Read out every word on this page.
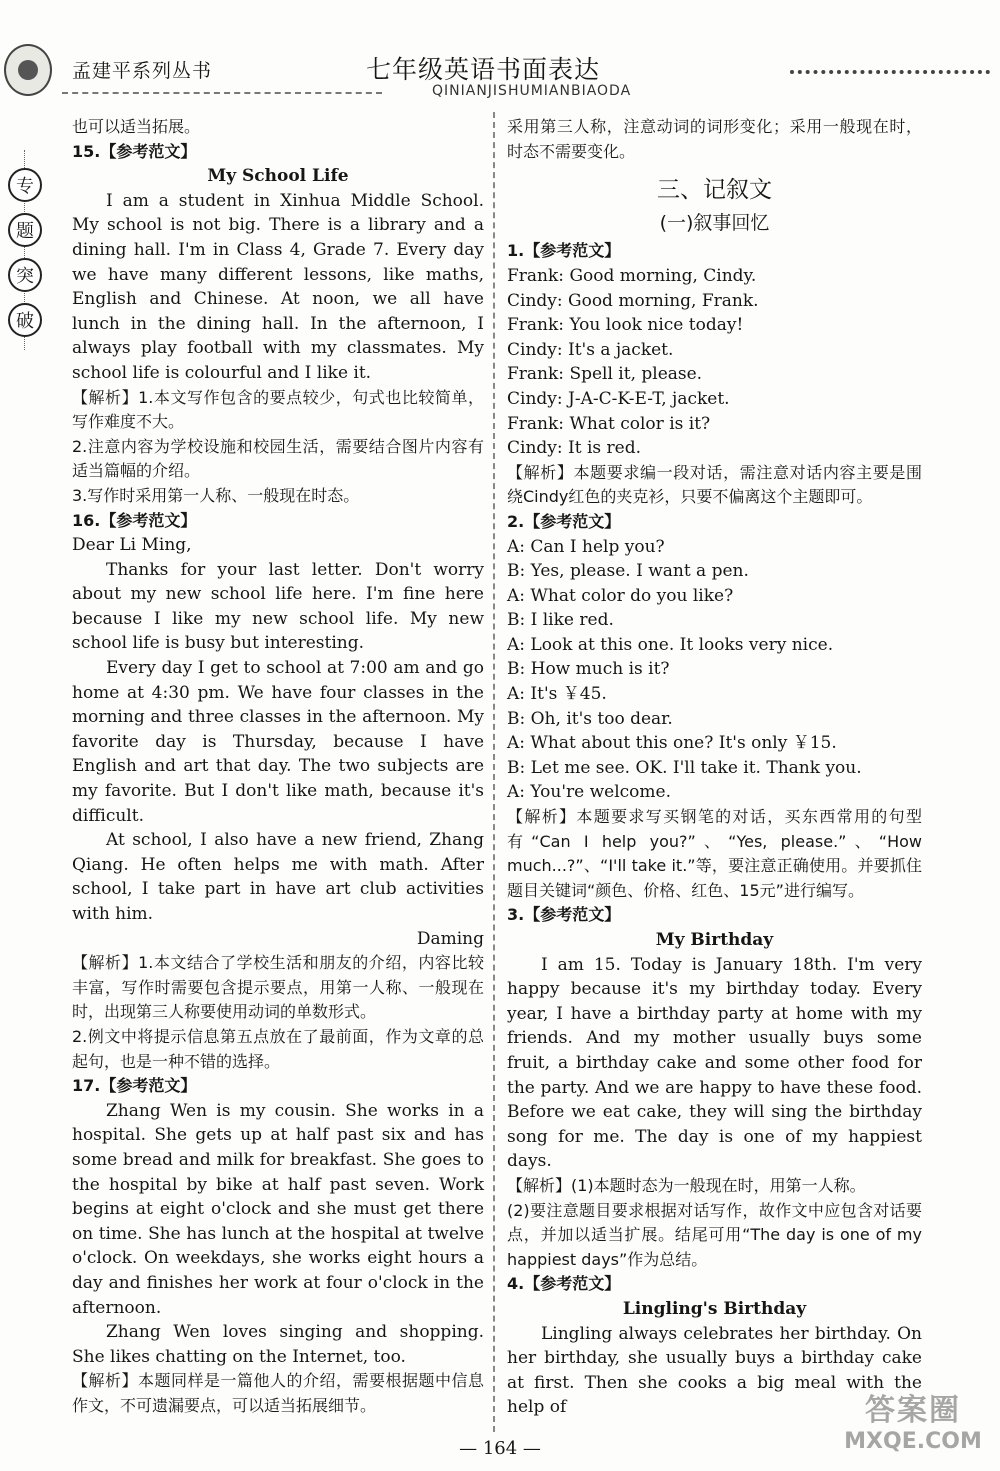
孟建平系列丛书	七年级英语书面表达
QINIANJISHUMIANBIAODA
专
题
突
破
也可以适当拓展。
15.【参考范文】
My School Life
I am a student in Xinhua Middle School. My school is not big. There is a library and a dining hall. I'm in Class 4, Grade 7. Every day we have many different lessons, like maths, English and Chinese. At noon, we all have lunch in the dining hall. In the afternoon, I always play football with my classmates. My school life is colourful and I like it.
【解析】1.本文写作包含的要点较少，句式也比较简单，写作难度不大。
2.注意内容为学校设施和校园生活，需要结合图片内容有适当篇幅的介绍。
3.写作时采用第一人称、一般现在时态。
16.【参考范文】
Dear Li Ming,
Thanks for your last letter. Don't worry about my new school life here. I'm fine here because I like my new school life. My new school life is busy but interesting.
Every day I get to school at 7:00 am and go home at 4:30 pm. We have four classes in the morning and three classes in the afternoon. My favorite day is Thursday, because I have English and art that day. The two subjects are my favorite. But I don't like math, because it's difficult.
At school, I also have a new friend, Zhang Qiang. He often helps me with math. After school, I take part in have art club activities with him.
Daming
【解析】1.本文结合了学校生活和朋友的介绍，内容比较丰富，写作时需要包含提示要点，用第一人称、一般现在时，出现第三人称要使用动词的单数形式。
2.例文中将提示信息第五点放在了最前面，作为文章的总起句，也是一种不错的选择。
17.【参考范文】
Zhang Wen is my cousin. She works in a hospital. She gets up at half past six and has some bread and milk for breakfast. She goes to the hospital by bike at half past seven. Work begins at eight o'clock and she must get there on time. She has lunch at the hospital at twelve o'clock. On weekdays, she works eight hours a day and finishes her work at four o'clock in the afternoon.
Zhang Wen loves singing and shopping. She likes chatting on the Internet, too.
【解析】本题同样是一篇他人的介绍，需要根据题中信息作文，不可遗漏要点，可以适当拓展细节。
采用第三人称，注意动词的词形变化；采用一般现在时，时态不需要变化。
三、记叙文
(一)叙事回忆
1.【参考范文】
Frank: Good morning, Cindy.
Cindy: Good morning, Frank.
Frank: You look nice today!
Cindy: It's a jacket.
Frank: Spell it, please.
Cindy: J-A-C-K-E-T, jacket.
Frank: What color is it?
Cindy: It is red.
【解析】本题要求编一段对话，需注意对话内容主要是围绕Cindy红色的夹克衫，只要不偏离这个主题即可。
2.【参考范文】
A: Can I help you?
B: Yes, please. I want a pen.
A: What color do you like?
B: I like red.
A: Look at this one. It looks very nice.
B: How much is it?
A: It's ￥45.
B: Oh, it's too dear.
A: What about this one? It's only ￥15.
B: Let me see. OK. I'll take it. Thank you.
A: You're welcome.
【解析】本题要求写买钢笔的对话，买东西常用的句型有“Can I help you?”、“Yes, please.”、“How much...?”、“I'll take it.”等，要注意正确使用。并要抓住题目关键词“颜色、价格、红色、15元”进行编写。
3.【参考范文】
My Birthday
I am 15. Today is January 18th. I'm very happy because it's my birthday today. Every year, I have a birthday party at home with my friends. And my mother usually buys some fruit, a birthday cake and some other food for the party. And we are happy to have these food. Before we eat cake, they will sing the birthday song for me. The day is one of my happiest days.
【解析】(1)本题时态为一般现在时，用第一人称。
(2)要注意题目要求根据对话写作，故作文中应包含对话要点，并加以适当扩展。结尾可用“The day is one of my happiest days”作为总结。
4.【参考范文】
Lingling's Birthday
Lingling always celebrates her birthday. On her birthday, she usually buys a birthday cake at first. Then she cooks a big meal with the help of
— 164 —
答案圈
MXQE.COM
